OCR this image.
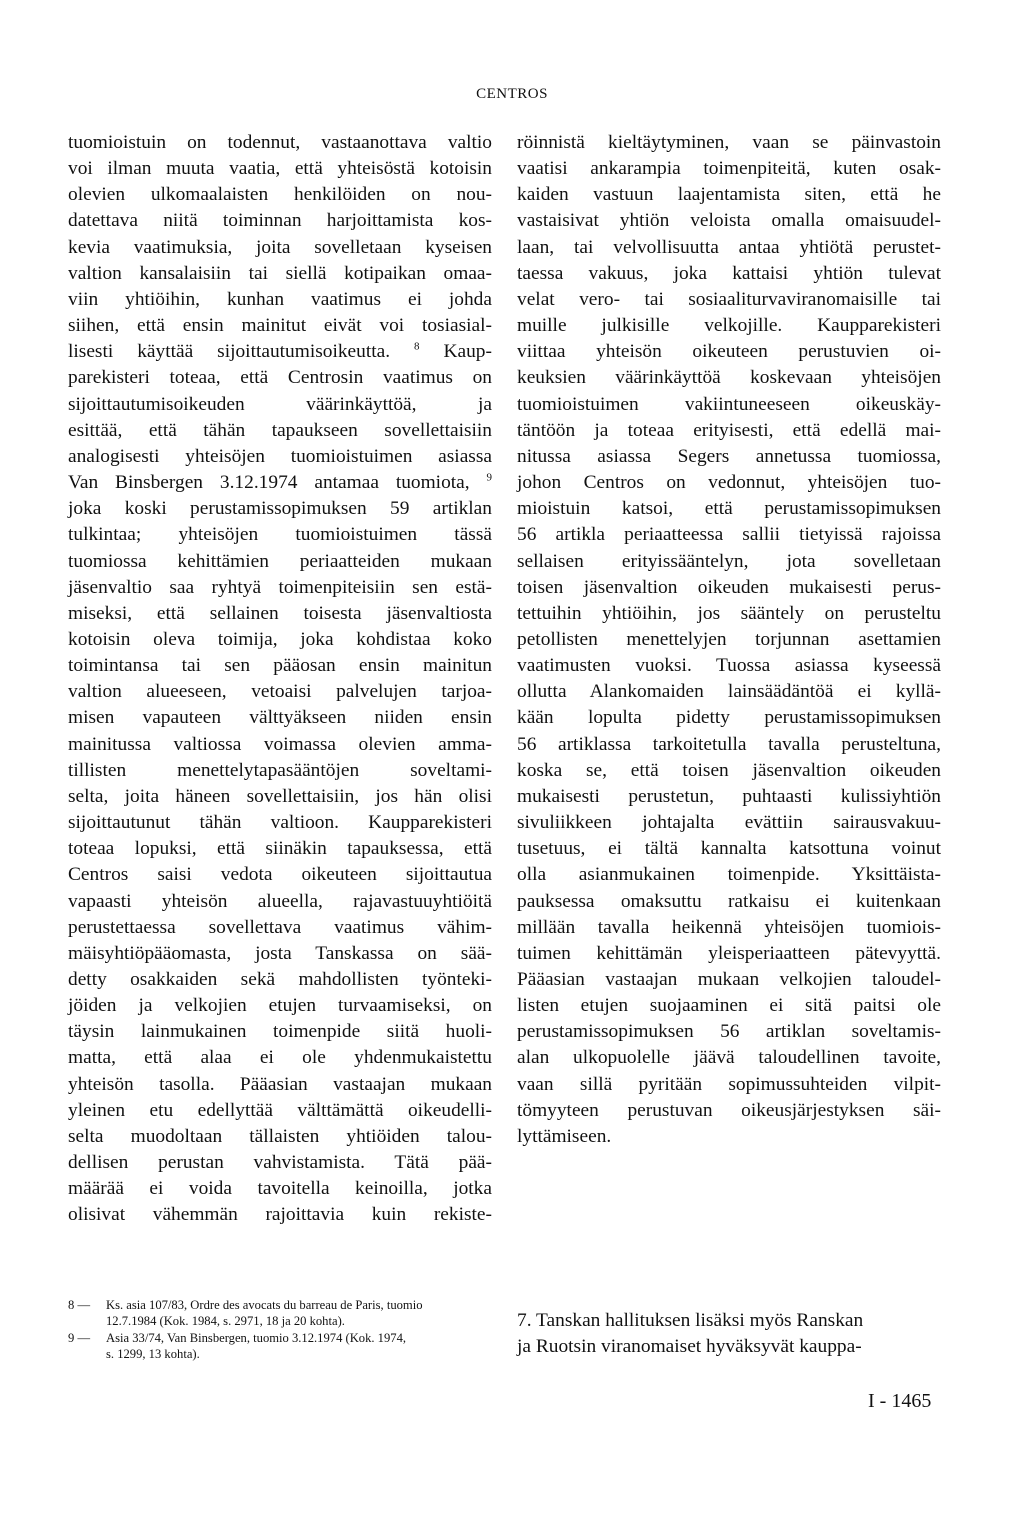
CENTROS
tuomioistuin on todennut, vastaanottava valtio
voi ilman muuta vaatia, että yhteisöstä kotoisin
olevien ulkomaalaisten henkilöiden on nou-
datettava niitä toiminnan harjoittamista kos-
kevia vaatimuksia, joita sovelletaan kyseisen
valtion kansalaisiin tai siellä kotipaikan omaa-
viin yhtiöihin, kunhan vaatimus ei johda
siihen, että ensin mainitut eivät voi tosiasial-
lisesti käyttää sijoittautumisoikeutta. $^8$ Kaup-
parekisteri toteaa, että Centrosin vaatimus on
sijoittautumisoikeuden väärinkäyttöä, ja
esittää, että tähän tapaukseen sovellettaisiin
analogisesti yhteisöjen tuomioistuimen asiassa
Van Binsbergen 3.12.1974 antamaa tuomiota, $^9$
joka koski perustamissopimuksen 59 artiklan
tulkintaa; yhteisöjen tuomioistuimen tässä
tuomiossa kehittämien periaatteiden mukaan
jäsenvaltio saa ryhtyä toimenpiteisiin sen estä-
miseksi, että sellainen toisesta jäsenvaltiosta
kotoisin oleva toimija, joka kohdistaa koko
toimintansa tai sen pääosan ensin mainitun
valtion alueeseen, vetoaisi palvelujen tarjoa-
misen vapauteen välttyäkseen niiden ensin
mainitussa valtiossa voimassa olevien amma-
tillisten menettelytapasääntöjen soveltami-
selta, joita häneen sovellettaisiin, jos hän olisi
sijoittautunut tähän valtioon. Kaupparekisteri
toteaa lopuksi, että siinäkin tapauksessa, että
Centros saisi vedota oikeuteen sijoittautua
vapaasti yhteisön alueella, rajavastuuyhtiöitä
perustettaessa sovellettava vaatimus vähim-
mäisyhtiöpääomasta, josta Tanskassa on sää-
detty osakkaiden sekä mahdollisten työnteki-
jöiden ja velkojien etujen turvaamiseksi, on
täysin lainmukainen toimenpide siitä huoli-
matta, että alaa ei ole yhdenmukaistettu
yhteisön tasolla. Pääasian vastaajan mukaan
yleinen etu edellyttää välttämättä oikeudelli-
selta muodoltaan tällaisten yhtiöiden talou-
dellisen perustan vahvistamista. Tätä pää-
määrää ei voida tavoitella keinoilla, jotka
olisivat vähemmän rajoittavia kuin rekiste-
röinnistä kieltäytyminen, vaan se päinvastoin
vaatisi ankarampia toimenpiteitä, kuten osak-
kaiden vastuun laajentamista siten, että he
vastaisivat yhtiön veloista omalla omaisuudel-
laan, tai velvollisuutta antaa yhtiötä perustet-
taessa vakuus, joka kattaisi yhtiön tulevat
velat vero- tai sosiaaliturvaviranomaisille tai
muille julkisille velkojille. Kaupparekisteri
viittaa yhteisön oikeuteen perustuvien oi-
keuksien väärinkäyttöä koskevaan yhteisöjen
tuomioistuimen vakiintuneeseen oikeuskäy-
täntöön ja toteaa erityisesti, että edellä mai-
nitussa asiassa Segers annetussa tuomiossa,
johon Centros on vedonnut, yhteisöjen tuo-
mioistuin katsoi, että perustamissopimuksen
56 artikla periaatteessa sallii tietyissä rajoissa
sellaisen erityissääntelyn, jota sovelletaan
toisen jäsenvaltion oikeuden mukaisesti perus-
tettuihin yhtiöihin, jos sääntely on perusteltu
petollisten menettelyjen torjunnan asettamien
vaatimusten vuoksi. Tuossa asiassa kyseessä
ollutta Alankomaiden lainsäädäntöä ei kyllä-
kään lopulta pidetty perustamissopimuksen
56 artiklassa tarkoitetulla tavalla perusteltuna,
koska se, että toisen jäsenvaltion oikeuden
mukaisesti perustetun, puhtaasti kulissiyhtiön
sivuliikkeen johtajalta evättiin sairausvakuu-
tusetuus, ei tältä kannalta katsottuna voinut
olla asianmukainen toimenpide. Yksittäista-
pauksessa omaksuttu ratkaisu ei kuitenkaan
millään tavalla heikennä yhteisöjen tuomiois-
tuimen kehittämän yleisperiaatteen pätevyyttä.
Pääasian vastaajan mukaan velkojien taloudel-
listen etujen suojaaminen ei sitä paitsi ole
perustamissopimuksen 56 artiklan soveltamis-
alan ulkopuolelle jäävä taloudellinen tavoite,
vaan sillä pyritään sopimussuhteiden vilpit-
tömyyteen perustuvan oikeusjärjestyksen säi-
lyttämiseen.
8 —	Ks. asia 107/83, Ordre des avocats du barreau de Paris, tuomio
12.7.1984 (Kok. 1984, s. 2971, 18 ja 20 kohta).
9 —	Asia 33/74, Van Binsbergen, tuomio 3.12.1974 (Kok. 1974,
s. 1299, 13 kohta).
7. Tanskan hallituksen lisäksi myös Ranskan
ja Ruotsin viranomaiset hyväksyvät kauppa-
I - 1465
